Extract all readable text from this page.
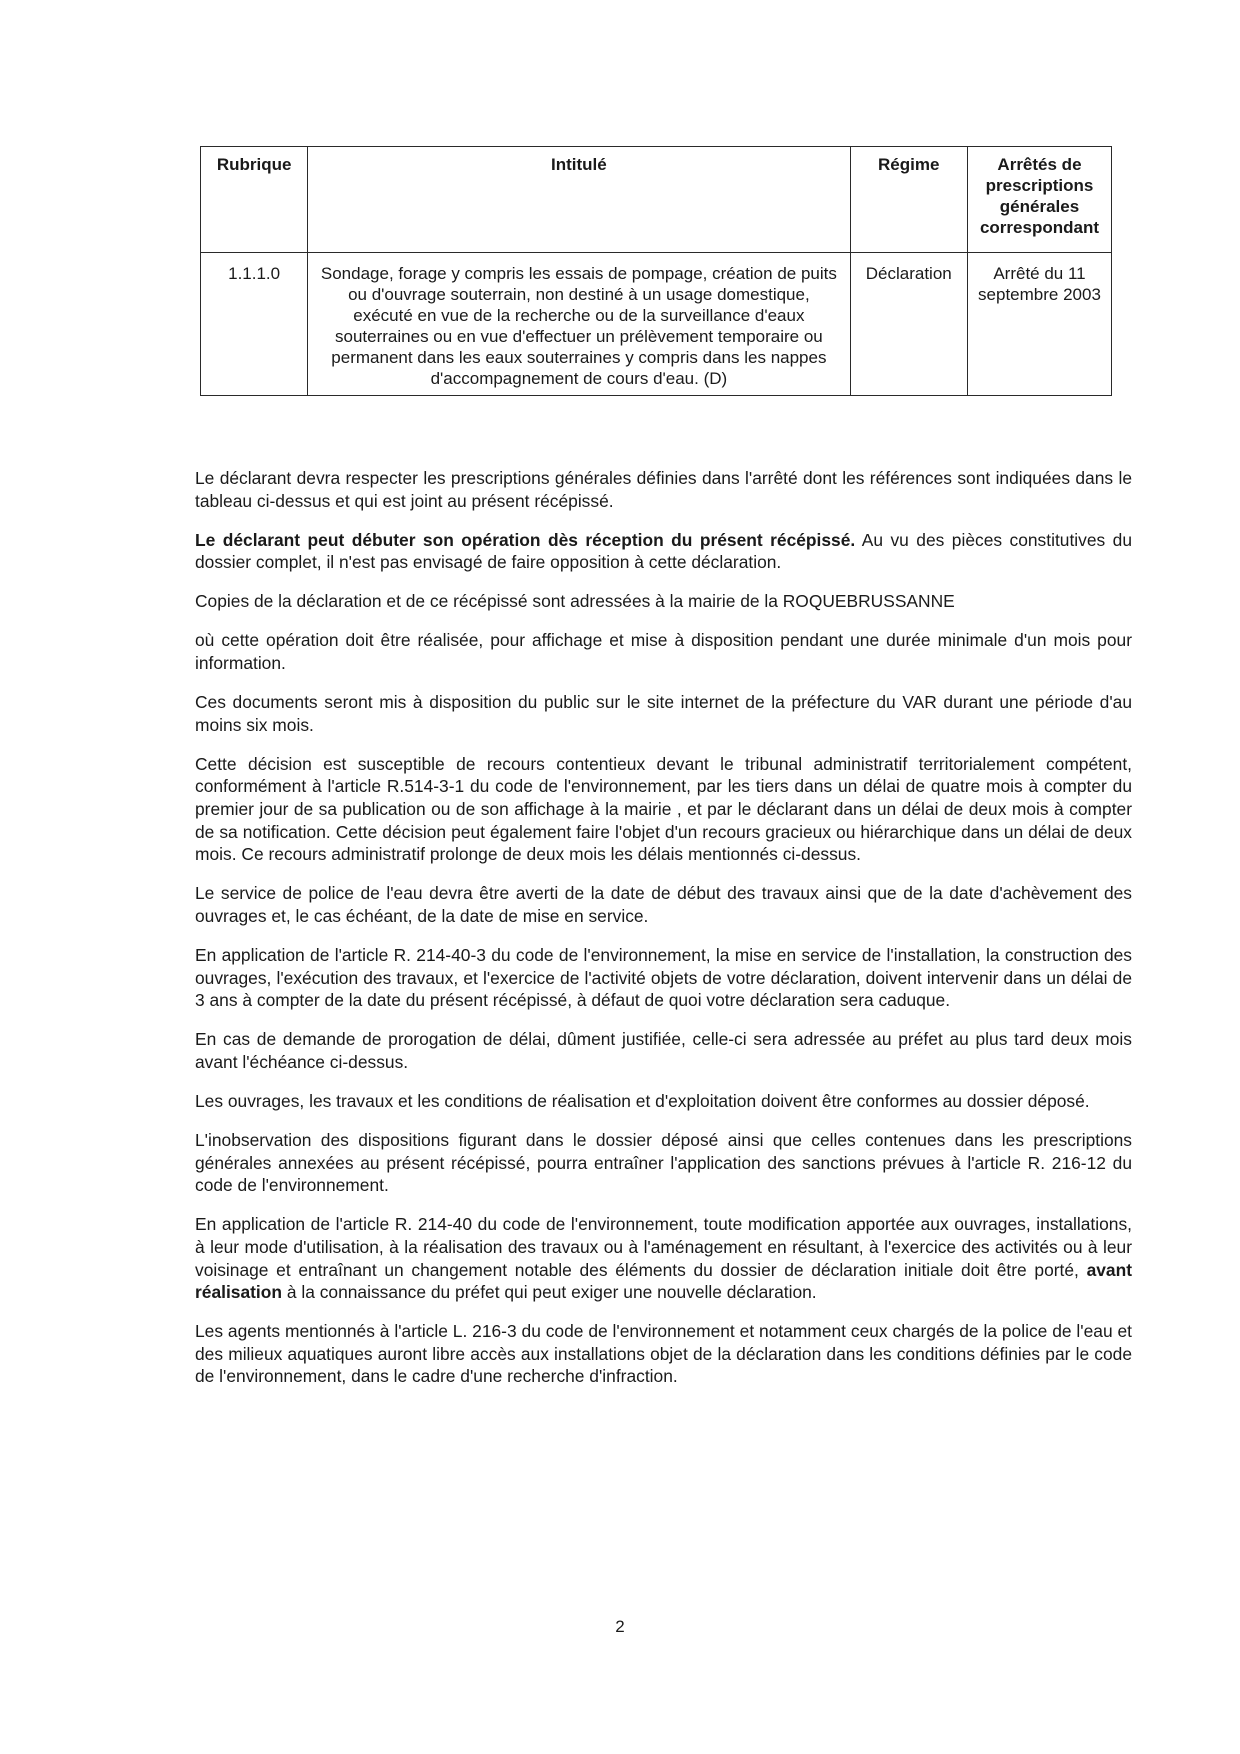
Rubrique	Intitulé	Régime	Arrêtés de prescriptions générales correspondant
1.1.1.0	Sondage, forage y compris les essais de pompage, création de puits ou d'ouvrage souterrain, non destiné à un usage domestique, exécuté en vue de la recherche ou de la surveillance d'eaux souterraines ou en vue d'effectuer un prélèvement temporaire ou permanent dans les eaux souterraines y compris dans les nappes d'accompagnement de cours d'eau. (D)	Déclaration	Arrêté du 11 septembre 2003

Le déclarant devra respecter les prescriptions générales définies dans l'arrêté dont les références sont indiquées dans le tableau ci-dessus et qui est joint au présent récépissé.

Le déclarant peut débuter son opération dès réception du présent récépissé. Au vu des pièces constitutives du dossier complet, il n'est pas envisagé de faire opposition à cette déclaration.

Copies de la déclaration et de ce récépissé sont adressées à la mairie de la ROQUEBRUSSANNE

où cette opération doit être réalisée, pour affichage et mise à disposition pendant une durée minimale d'un mois pour information.

Ces documents seront mis à disposition du public sur le site internet de la préfecture du VAR durant une période d'au moins six mois.

Cette décision est susceptible de recours contentieux devant le tribunal administratif territorialement compétent, conformément à l'article R.514-3-1 du code de l'environnement, par les tiers dans un délai de quatre mois à compter du premier jour de sa publication ou de son affichage à la mairie , et par le déclarant dans un délai de deux mois à compter de sa notification. Cette décision peut également faire l'objet d'un recours gracieux ou hiérarchique dans un délai de deux mois. Ce recours administratif prolonge de deux mois les délais mentionnés ci-dessus.

Le service de police de l'eau devra être averti de la date de début des travaux ainsi que de la date d'achèvement des ouvrages et, le cas échéant, de la date de mise en service.

En application de l'article R. 214-40-3 du code de l'environnement, la mise en service de l'installation, la construction des ouvrages, l'exécution des travaux, et l'exercice de l'activité objets de votre déclaration, doivent intervenir dans un délai de 3 ans à compter de la date du présent récépissé, à défaut de quoi votre déclaration sera caduque.

En cas de demande de prorogation de délai, dûment justifiée, celle-ci sera adressée au préfet au plus tard deux mois avant l'échéance ci-dessus.

Les ouvrages, les travaux et les conditions de réalisation et d'exploitation doivent être conformes au dossier déposé.

L'inobservation des dispositions figurant dans le dossier déposé ainsi que celles contenues dans les prescriptions générales annexées au présent récépissé, pourra entraîner l'application des sanctions prévues à l'article R. 216-12 du code de l'environnement.

En application de l'article R. 214-40 du code de l'environnement, toute modification apportée aux ouvrages, installations, à leur mode d'utilisation, à la réalisation des travaux ou à l'aménagement en résultant, à l'exercice des activités ou à leur voisinage et entraînant un changement notable des éléments du dossier de déclaration initiale doit être porté, avant réalisation à la connaissance du préfet qui peut exiger une nouvelle déclaration.

Les agents mentionnés à l'article L. 216-3 du code de l'environnement et notamment ceux chargés de la police de l'eau et des milieux aquatiques auront libre accès aux installations objet de la déclaration dans les conditions définies par le code de l'environnement, dans le cadre d'une recherche d'infraction.

2
